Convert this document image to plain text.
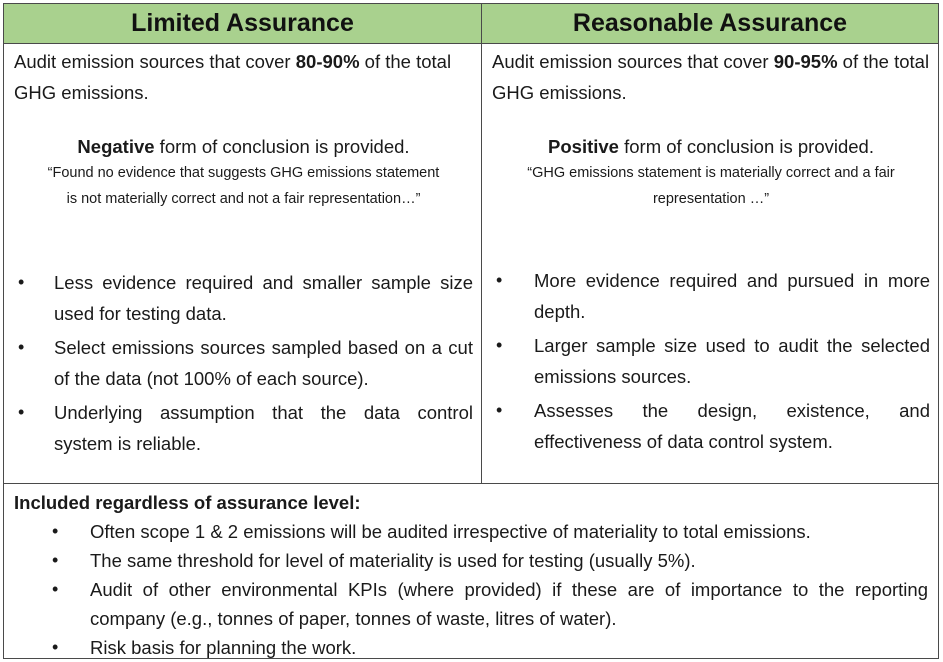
Limited Assurance	Reasonable Assurance

Audit emission sources that cover 80-90% of the total GHG emissions.

Negative form of conclusion is provided.
“Found no evidence that suggests GHG emissions statement is not materially correct and not a fair representation…”
• Less evidence required and smaller sample size used for testing data.
• Select emissions sources sampled based on a cut of the data (not 100% of each source).
• Underlying assumption that the data control system is reliable.

Audit emission sources that cover 90-95% of the total GHG emissions.

Positive form of conclusion is provided.
“GHG emissions statement is materially correct and a fair representation …”
• More evidence required and pursued in more depth.
• Larger sample size used to audit the selected emissions sources.
• Assesses the design, existence, and effectiveness of data control system.
Included regardless of assurance level:
• Often scope 1 & 2 emissions will be audited irrespective of materiality to total emissions.
• The same threshold for level of materiality is used for testing (usually 5%).
• Audit of other environmental KPIs (where provided) if these are of importance to the reporting company (e.g., tonnes of paper, tonnes of waste, litres of water).
• Risk basis for planning the work.
